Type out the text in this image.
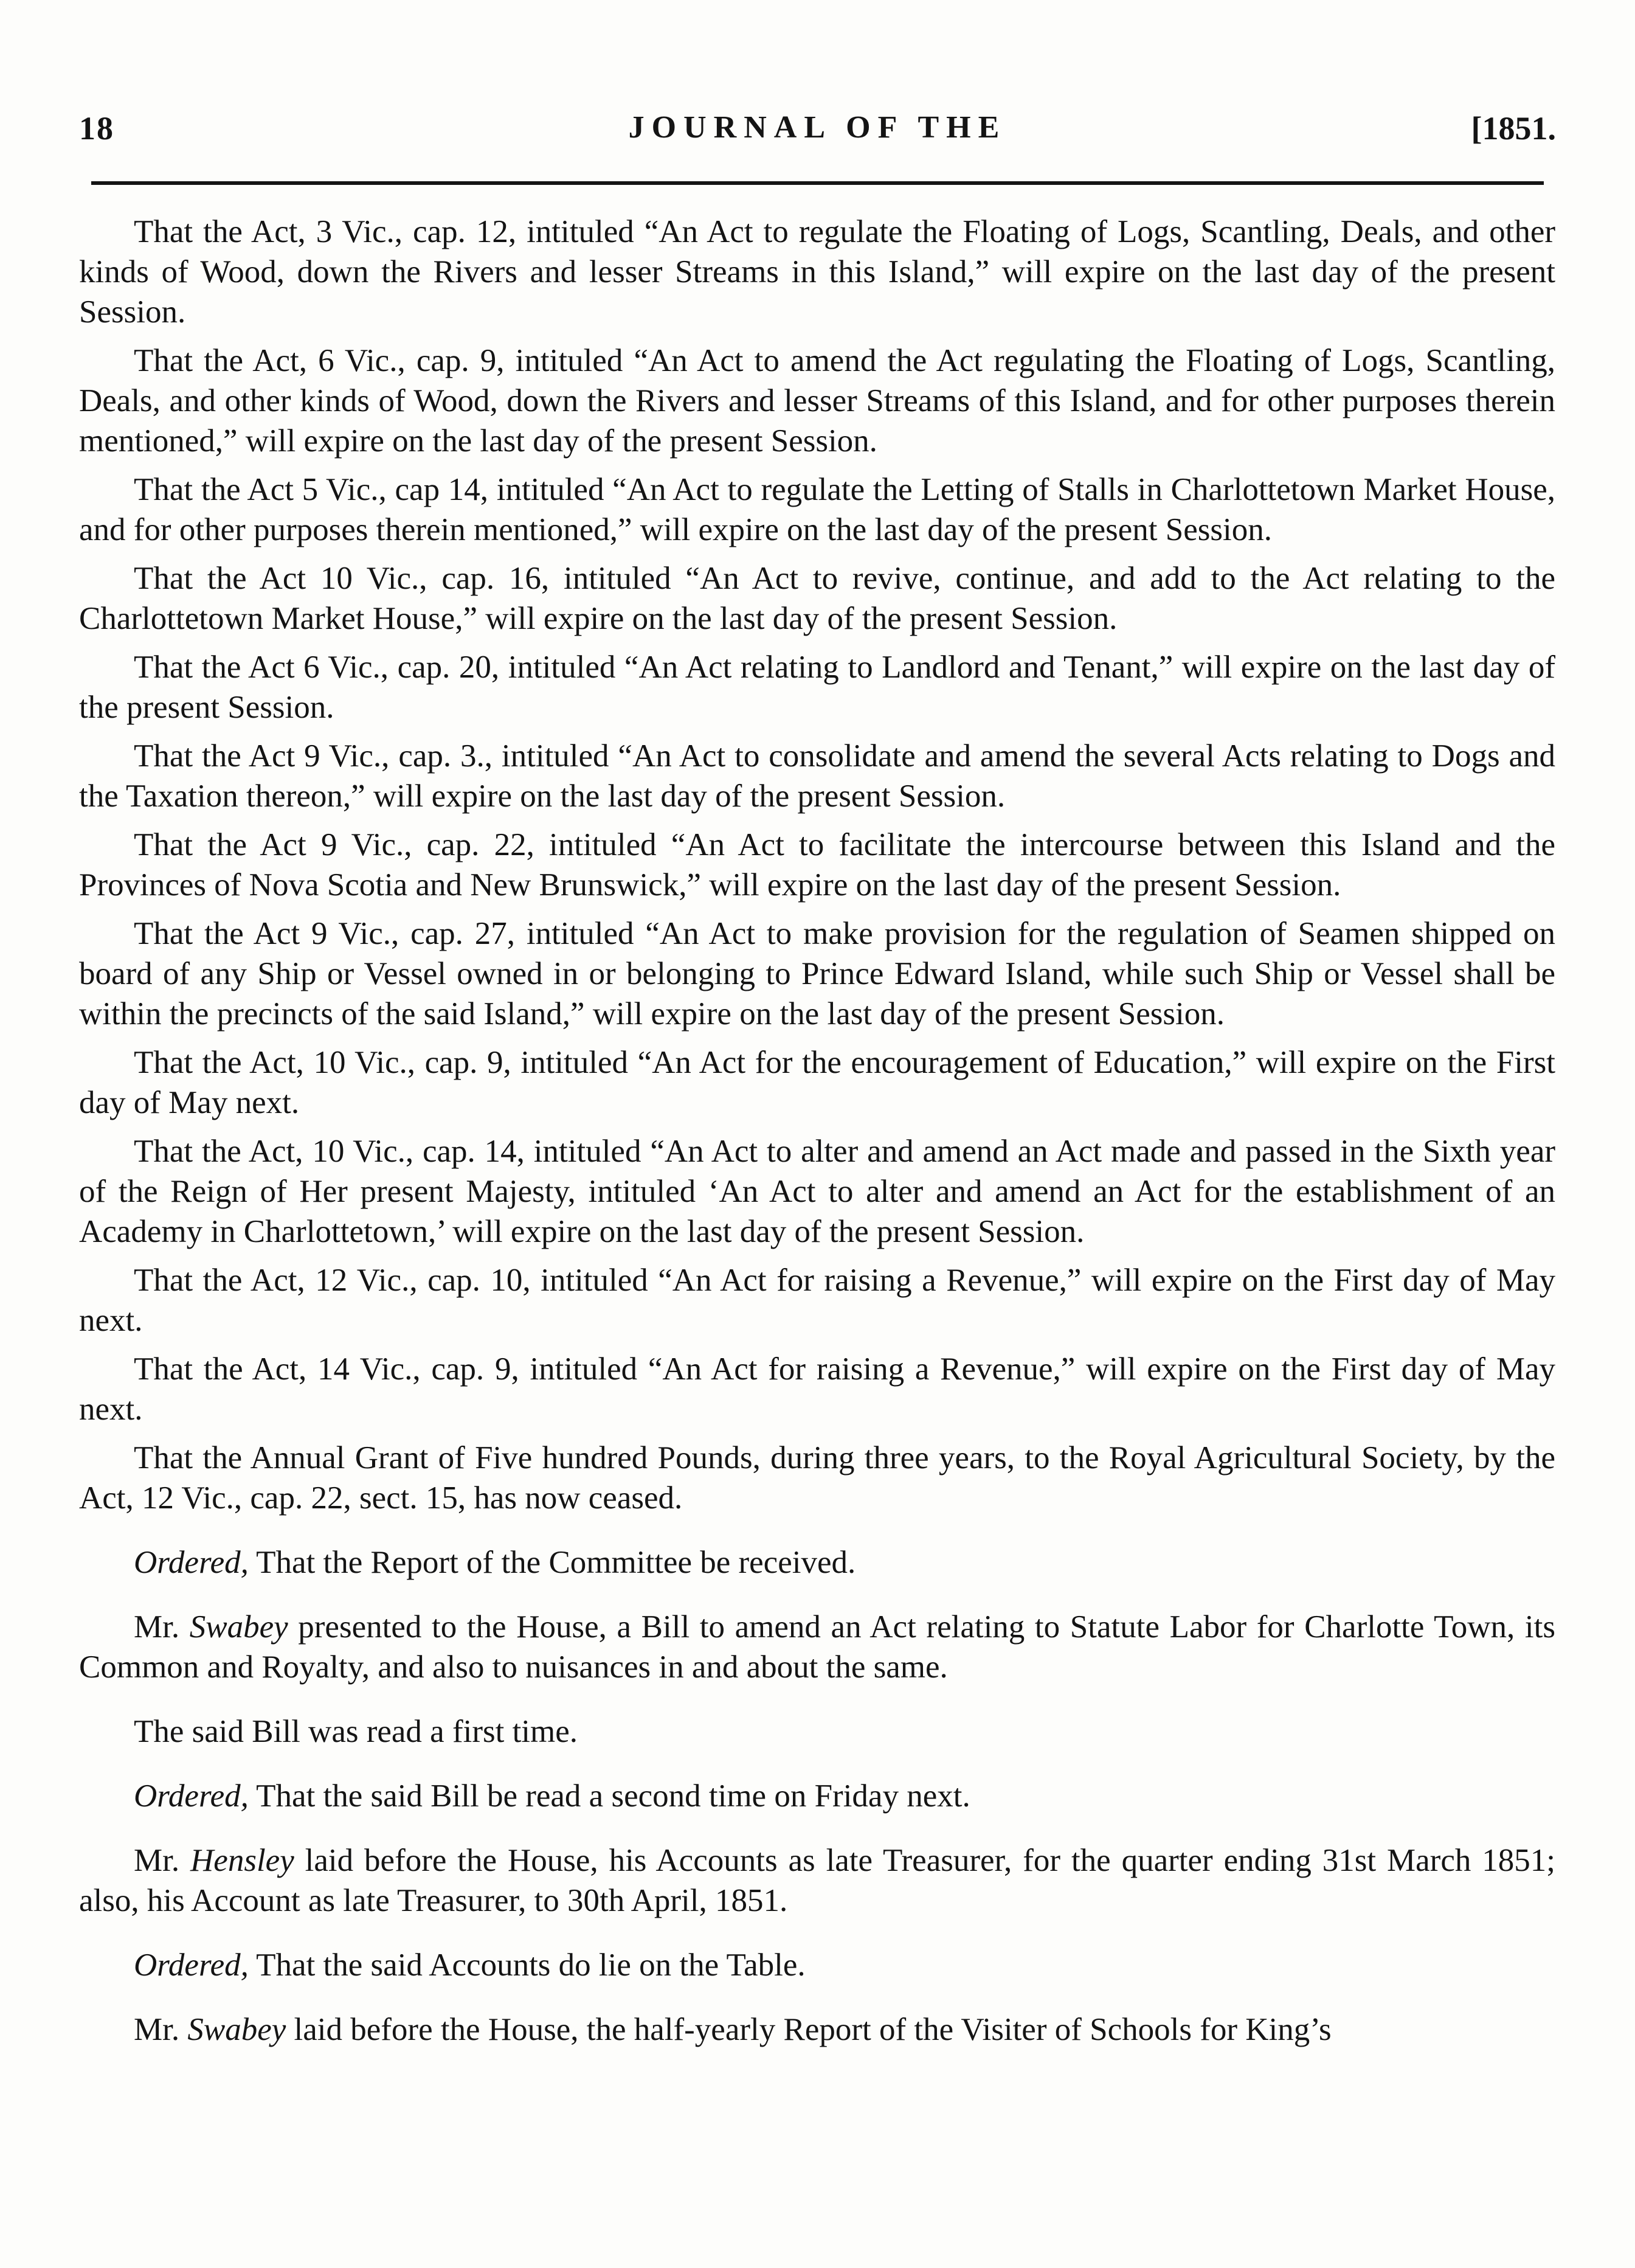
18	JOURNAL OF THE	[1851.

That the Act, 3 Vic., cap. 12, intituled “An Act to regulate the Floating of Logs, Scantling, Deals, and other kinds of Wood, down the Rivers and lesser Streams in this Island,” will expire on the last day of the present Session.

That the Act, 6 Vic., cap. 9, intituled “An Act to amend the Act regulating the Floating of Logs, Scantling, Deals, and other kinds of Wood, down the Rivers and lesser Streams of this Island, and for other purposes therein mentioned,” will expire on the last day of the present Session.

That the Act 5 Vic., cap 14, intituled “An Act to regulate the Letting of Stalls in Charlottetown Market House, and for other purposes therein mentioned,” will expire on the last day of the present Session.

That the Act 10 Vic., cap. 16, intituled “An Act to revive, continue, and add to the Act relating to the Charlottetown Market House,” will expire on the last day of the present Session.

That the Act 6 Vic., cap. 20, intituled “An Act relating to Landlord and Tenant,” will expire on the last day of the present Session.

That the Act 9 Vic., cap. 3., intituled “An Act to consolidate and amend the several Acts relating to Dogs and the Taxation thereon,” will expire on the last day of the present Session.

That the Act 9 Vic., cap. 22, intituled “An Act to facilitate the intercourse between this Island and the Provinces of Nova Scotia and New Brunswick,” will expire on the last day of the present Session.

That the Act 9 Vic., cap. 27, intituled “An Act to make provision for the regulation of Seamen shipped on board of any Ship or Vessel owned in or belonging to Prince Edward Island, while such Ship or Vessel shall be within the precincts of the said Island,” will expire on the last day of the present Session.

That the Act, 10 Vic., cap. 9, intituled “An Act for the encouragement of Education,” will expire on the First day of May next.

That the Act, 10 Vic., cap. 14, intituled “An Act to alter and amend an Act made and passed in the Sixth year of the Reign of Her present Majesty, intituled ‘An Act to alter and amend an Act for the establishment of an Academy in Charlottetown,’ will expire on the last day of the present Session.

That the Act, 12 Vic., cap. 10, intituled “An Act for raising a Revenue,” will expire on the First day of May next.

That the Act, 14 Vic., cap. 9, intituled “An Act for raising a Revenue,” will expire on the First day of May next.

That the Annual Grant of Five hundred Pounds, during three years, to the Royal Agricultural Society, by the Act, 12 Vic., cap. 22, sect. 15, has now ceased.

Ordered, That the Report of the Committee be received.

Mr. Swabey presented to the House, a Bill to amend an Act relating to Statute Labor for Charlotte Town, its Common and Royalty, and also to nuisances in and about the same.

The said Bill was read a first time.

Ordered, That the said Bill be read a second time on Friday next.

Mr. Hensley laid before the House, his Accounts as late Treasurer, for the quarter ending 31st March 1851; also, his Account as late Treasurer, to 30th April, 1851.

Ordered, That the said Accounts do lie on the Table.

Mr. Swabey laid before the House, the half-yearly Report of the Visiter of Schools for King’s
